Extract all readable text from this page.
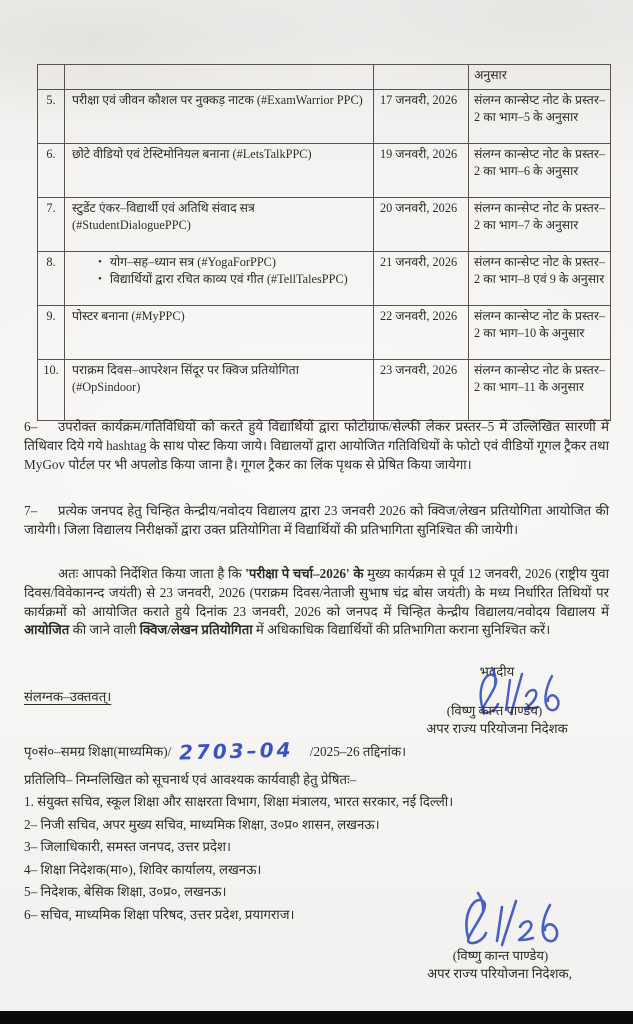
			अनुसार
5.	परीक्षा एवं जीवन कौशल पर नुक्कड़ नाटक (#ExamWarrior PPC)	17 जनवरी, 2026	संलग्न कान्सेप्ट नोट के प्रस्तर–2 का भाग–5 के अनुसार
6.	छोटे वीडियो एवं टेस्टिमोनियल बनाना (#LetsTalkPPC)	19 जनवरी, 2026	संलग्न कान्सेप्ट नोट के प्रस्तर–2 का भाग–6 के अनुसार
7.	स्टुडेंट एंकर–विद्यार्थी एवं अतिथि संवाद सत्र (#StudentDialoguePPC)	20 जनवरी, 2026	संलग्न कान्सेप्ट नोट के प्रस्तर–2 का भाग–7 के अनुसार
8.	• योग–सह–ध्यान सत्र (#YogaForPPC)
• विद्यार्थियों द्वारा रचित काव्य एवं गीत (#TellTalesPPC)	21 जनवरी, 2026	संलग्न कान्सेप्ट नोट के प्रस्तर–2 का भाग–8 एवं 9 के अनुसार
9.	पोस्टर बनाना (#MyPPC)	22 जनवरी, 2026	संलग्न कान्सेप्ट नोट के प्रस्तर–2 का भाग–10 के अनुसार
10.	पराक्रम दिवस–आपरेशन सिंदूर पर क्विज प्रतियोगिता (#OpSindoor)	23 जनवरी, 2026	संलग्न कान्सेप्ट नोट के प्रस्तर–2 का भाग–11 के अनुसार

6– उपरोक्त कार्यक्रम/गतिविधियों को करते हुये विद्यार्थियों द्वारा फोटोग्राफ/सेल्फी लेकर प्रस्तर–5 में उल्लिखित सारणी में तिथिवार दिये गये hashtag के साथ पोस्ट किया जाये। विद्यालयों द्वारा आयोजित गतिविधियों के फोटो एवं वीडियों गूगल ट्रैकर तथा MyGov पोर्टल पर भी अपलोड किया जाना है। गूगल ट्रैकर का लिंक पृथक से प्रेषित किया जायेगा।

7– प्रत्येक जनपद हेतु चिन्हित केन्द्रीय/नवोदय विद्यालय द्वारा 23 जनवरी 2026 को क्विज/लेखन प्रतियोगिता आयोजित की जायेगी। जिला विद्यालय निरीक्षकों द्वारा उक्त प्रतियोगिता में विद्यार्थियों की प्रतिभागिता सुनिश्चित की जायेगी।

अतः आपको निर्देशित किया जाता है कि 'परीक्षा पे चर्चा–2026' के मुख्य कार्यक्रम से पूर्व 12 जनवरी, 2026 (राष्ट्रीय युवा दिवस/विवेकानन्द जयंती) से 23 जनवरी, 2026 (पराक्रम दिवस/नेताजी सुभाष चंद्र बोस जयंती) के मध्य निर्धारित तिथियों पर कार्यक्रमों को आयोजित कराते हुये दिनांक 23 जनवरी, 2026 को जनपद में चिन्हित केन्द्रीय विद्यालय/नवोदय विद्यालय में आयोजित की जाने वाली क्विज/लेखन प्रतियोगिता में अधिकाधिक विद्यार्थियों की प्रतिभागिता कराना सुनिश्चित करें।

भवदीय
(विष्णु कान्त पाण्डेय)
अपर राज्य परियोजना निदेशक
संलग्नक–उक्तवत्।
पृ०सं०–समग्र शिक्षा(माध्यमिक)/ 2703–04 /2025–26 तद्दिनांक।
प्रतिलिपि– निम्नलिखित को सूचनार्थ एवं आवश्यक कार्यवाही हेतु प्रेषितः–
1. संयुक्त सचिव, स्कूल शिक्षा और साक्षरता विभाग, शिक्षा मंत्रालय, भारत सरकार, नई दिल्ली।
2– निजी सचिव, अपर मुख्य सचिव, माध्यमिक शिक्षा, उ०प्र० शासन, लखनऊ।
3– जिलाधिकारी, समस्त जनपद, उत्तर प्रदेश।
4– शिक्षा निदेशक(मा०), शिविर कार्यालय, लखनऊ।
5– निदेशक, बेसिक शिक्षा, उ०प्र०, लखनऊ।
6– सचिव, माध्यमिक शिक्षा परिषद, उत्तर प्रदेश, प्रयागराज।
(विष्णु कान्त पाण्डेय)
अपर राज्य परियोजना निदेशक,
